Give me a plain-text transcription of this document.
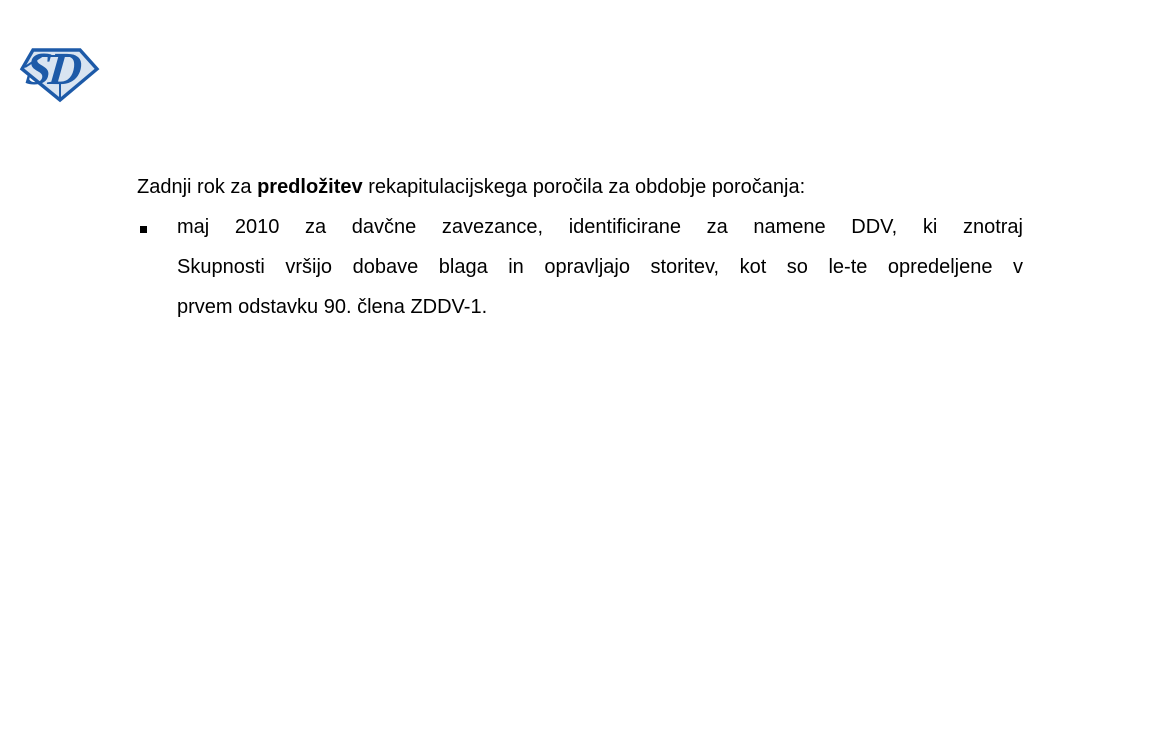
SD
Zadnji rok za predložitev rekapitulacijskega poročila za obdobje poročanja:
maj 2010 za davčne zavezance, identificirane za namene DDV, ki znotraj
Skupnosti vršijo dobave blaga in opravljajo storitev, kot so le-te opredeljene v
prvem odstavku 90. člena ZDDV-1.
